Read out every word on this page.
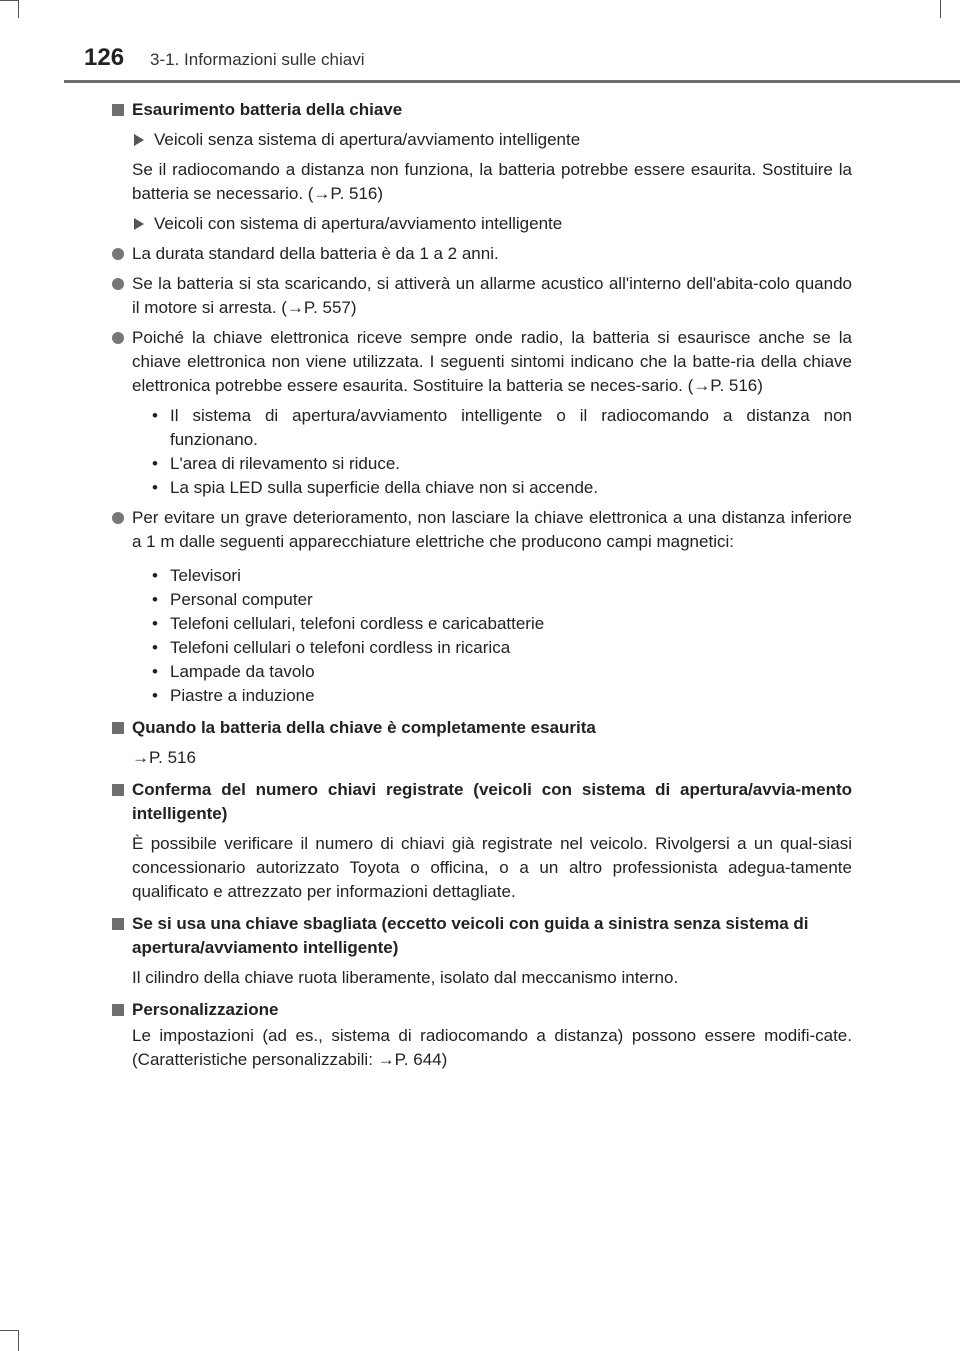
126 3-1. Informazioni sulle chiavi
Esaurimento batteria della chiave
Veicoli senza sistema di apertura/avviamento intelligente
Se il radiocomando a distanza non funziona, la batteria potrebbe essere esaurita. Sostituire la batteria se necessario. (→P. 516)
Veicoli con sistema di apertura/avviamento intelligente
La durata standard della batteria è da 1 a 2 anni.
Se la batteria si sta scaricando, si attiverà un allarme acustico all'interno dell'abita-colo quando il motore si arresta. (→P. 557)
Poiché la chiave elettronica riceve sempre onde radio, la batteria si esaurisce anche se la chiave elettronica non viene utilizzata. I seguenti sintomi indicano che la batte-ria della chiave elettronica potrebbe essere esaurita. Sostituire la batteria se neces-sario. (→P. 516)
• Il sistema di apertura/avviamento intelligente o il radiocomando a distanza non funzionano.
• L'area di rilevamento si riduce.
• La spia LED sulla superficie della chiave non si accende.
Per evitare un grave deterioramento, non lasciare la chiave elettronica a una distanza inferiore a 1 m dalle seguenti apparecchiature elettriche che producono campi magnetici:
• Televisori
• Personal computer
• Telefoni cellulari, telefoni cordless e caricabatterie
• Telefoni cellulari o telefoni cordless in ricarica
• Lampade da tavolo
• Piastre a induzione
Quando la batteria della chiave è completamente esaurita
→P. 516
Conferma del numero chiavi registrate (veicoli con sistema di apertura/avvia-mento intelligente)
È possibile verificare il numero di chiavi già registrate nel veicolo. Rivolgersi a un qual-siasi concessionario autorizzato Toyota o officina, o a un altro professionista adegua-tamente qualificato e attrezzato per informazioni dettagliate.
Se si usa una chiave sbagliata (eccetto veicoli con guida a sinistra senza sistema di apertura/avviamento intelligente)
Il cilindro della chiave ruota liberamente, isolato dal meccanismo interno.
Personalizzazione
Le impostazioni (ad es., sistema di radiocomando a distanza) possono essere modifi-cate. (Caratteristiche personalizzabili: →P. 644)
